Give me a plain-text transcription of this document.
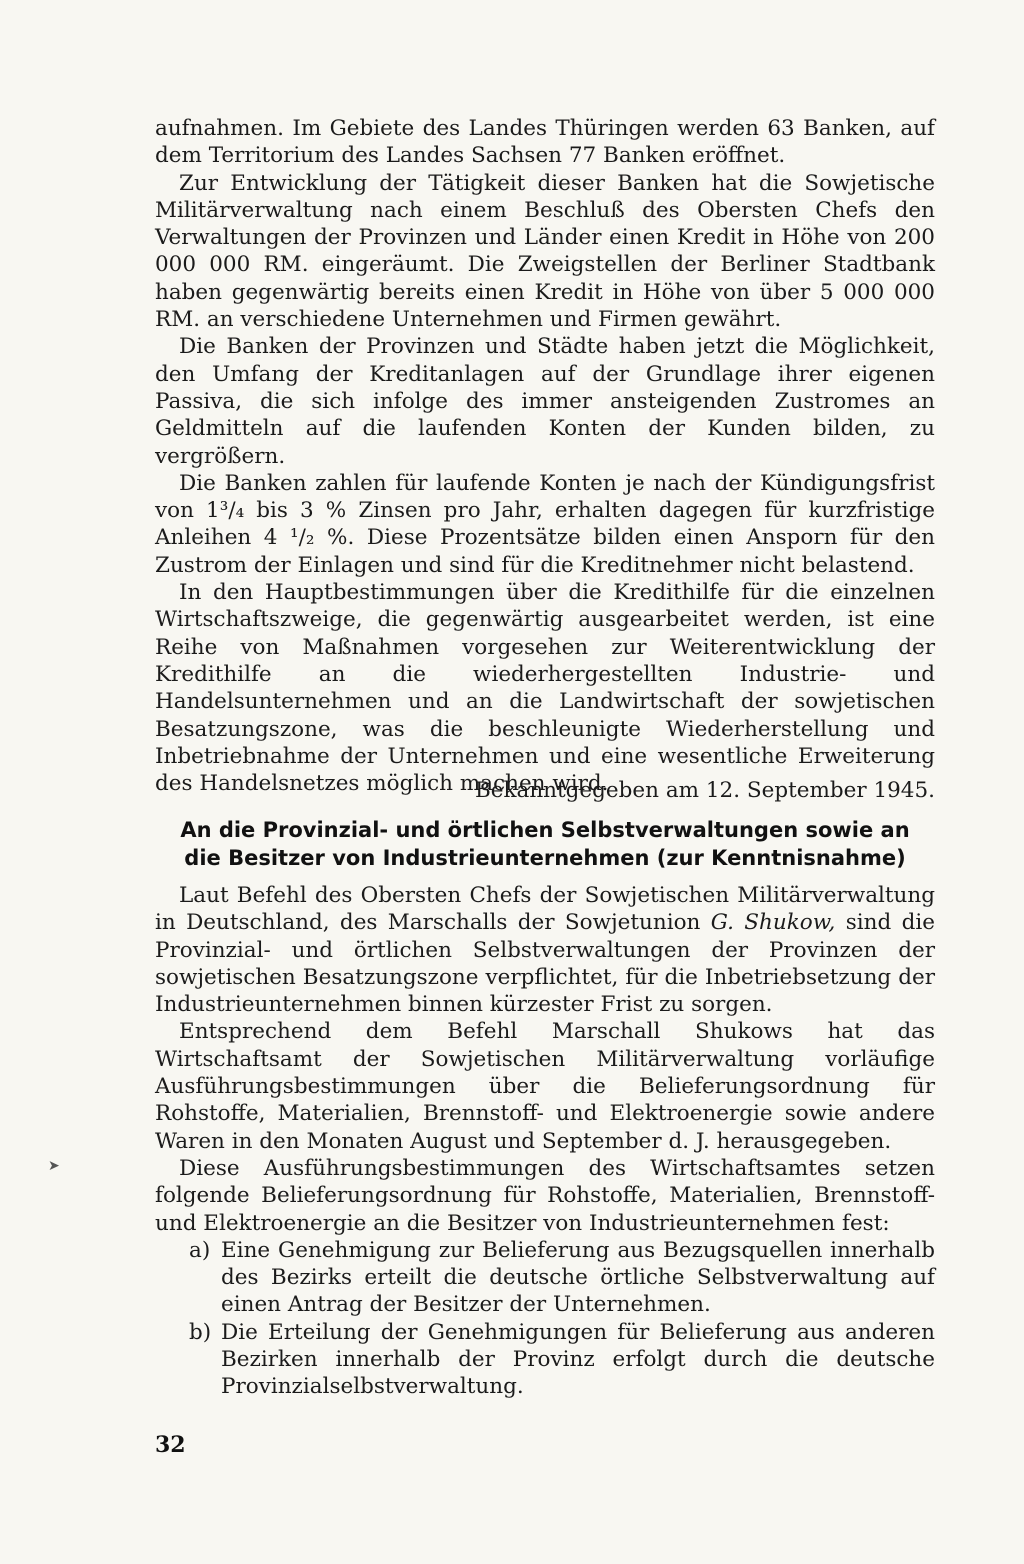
aufnahmen. Im Gebiete des Landes Thüringen werden 63 Banken, auf dem Territorium des Landes Sachsen 77 Banken eröffnet.

Zur Entwicklung der Tätigkeit dieser Banken hat die Sowjetische Militärverwaltung nach einem Beschluß des Obersten Chefs den Verwaltungen der Provinzen und Länder einen Kredit in Höhe von 200 000 000 RM. eingeräumt. Die Zweigstellen der Berliner Stadtbank haben gegenwärtig bereits einen Kredit in Höhe von über 5 000 000 RM. an verschiedene Unternehmen und Firmen gewährt.

Die Banken der Provinzen und Städte haben jetzt die Möglichkeit, den Umfang der Kreditanlagen auf der Grundlage ihrer eigenen Passiva, die sich infolge des immer ansteigenden Zustromes an Geldmitteln auf die laufenden Konten der Kunden bilden, zu vergrößern.

Die Banken zahlen für laufende Konten je nach der Kündigungsfrist von 1³/₄ bis 3 % Zinsen pro Jahr, erhalten dagegen für kurzfristige Anleihen 4 ¹/₂ %. Diese Prozentsätze bilden einen Ansporn für den Zustrom der Einlagen und sind für die Kreditnehmer nicht belastend.

In den Hauptbestimmungen über die Kredithilfe für die einzelnen Wirtschaftszweige, die gegenwärtig ausgearbeitet werden, ist eine Reihe von Maßnahmen vorgesehen zur Weiterentwicklung der Kredithilfe an die wiederhergestellten Industrie- und Handelsunternehmen und an die Landwirtschaft der sowjetischen Besatzungszone, was die beschleunigte Wiederherstellung und Inbetriebnahme der Unternehmen und eine wesentliche Erweiterung des Handelsnetzes möglich machen wird.

Bekanntgegeben am 12. September 1945.
An die Provinzial- und örtlichen Selbstverwaltungen sowie an
die Besitzer von Industrieunternehmen (zur Kenntnisnahme)

Laut Befehl des Obersten Chefs der Sowjetischen Militärverwaltung in Deutschland, des Marschalls der Sowjetunion G. Shukow, sind die Provinzial- und örtlichen Selbstverwaltungen der Provinzen der sowjetischen Besatzungszone verpflichtet, für die Inbetriebsetzung der Industrieunternehmen binnen kürzester Frist zu sorgen.

Entsprechend dem Befehl Marschall Shukows hat das Wirtschaftsamt der Sowjetischen Militärverwaltung vorläufige Ausführungsbestimmungen über die Belieferungsordnung für Rohstoffe, Materialien, Brennstoff- und Elektroenergie sowie andere Waren in den Monaten August und September d. J. herausgegeben.

Diese Ausführungsbestimmungen des Wirtschaftsamtes setzen folgende Belieferungsordnung für Rohstoffe, Materialien, Brennstoff- und Elektroenergie an die Besitzer von Industrieunternehmen fest:

a) Eine Genehmigung zur Belieferung aus Bezugsquellen innerhalb des Bezirks erteilt die deutsche örtliche Selbstverwaltung auf einen Antrag der Besitzer der Unternehmen.
b) Die Erteilung der Genehmigungen für Belieferung aus anderen Bezirken innerhalb der Provinz erfolgt durch die deutsche Provinzialselbstverwaltung.
➤
32
